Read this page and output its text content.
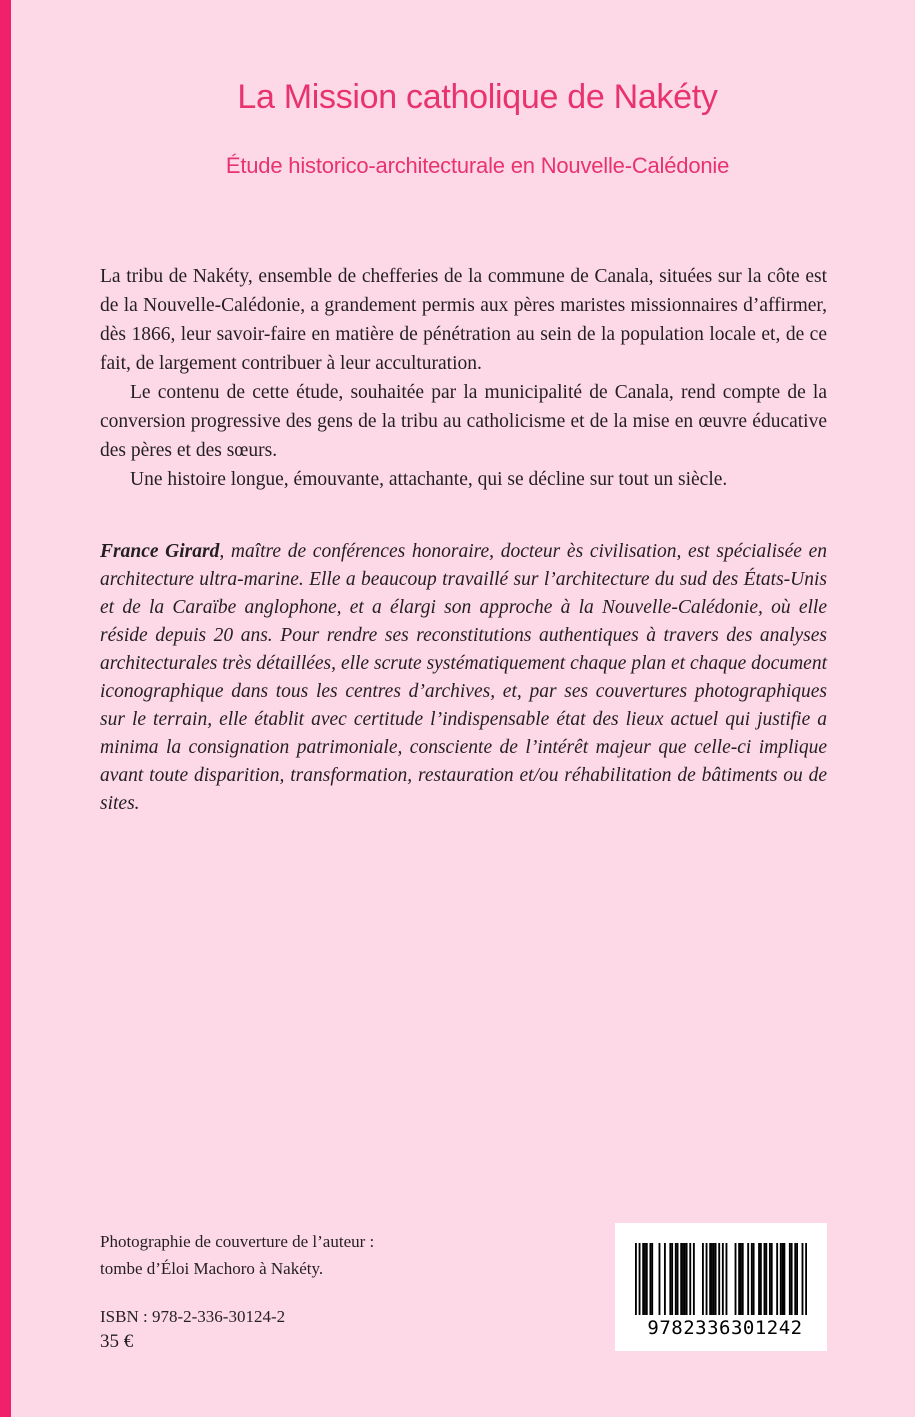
La Mission catholique de Nakéty
Étude historico-architecturale en Nouvelle-Calédonie

La tribu de Nakéty, ensemble de chefferies de la commune de Canala, situées sur la côte est de la Nouvelle-Calédonie, a grandement permis aux pères maristes missionnaires d’affirmer, dès 1866, leur savoir-faire en matière de pénétration au sein de la population locale et, de ce fait, de largement contribuer à leur acculturation.

Le contenu de cette étude, souhaitée par la municipalité de Canala, rend compte de la conversion progressive des gens de la tribu au catholicisme et de la mise en œuvre éducative des pères et des sœurs.

Une histoire longue, émouvante, attachante, qui se décline sur tout un siècle.

France Girard, maître de conférences honoraire, docteur ès civilisation, est spécialisée en architecture ultra-marine. Elle a beaucoup travaillé sur l’architecture du sud des États-Unis et de la Caraïbe anglophone, et a élargi son approche à la Nouvelle-Calédonie, où elle réside depuis 20 ans. Pour rendre ses reconstitutions authentiques à travers des analyses architecturales très détaillées, elle scrute systématiquement chaque plan et chaque document iconographique dans tous les centres d’archives, et, par ses couvertures photographiques sur le terrain, elle établit avec certitude l’indispensable état des lieux actuel qui justifie a minima la consignation patrimoniale, consciente de l’intérêt majeur que celle-ci implique avant toute disparition, transformation, restauration et/ou réhabilitation de bâtiments ou de sites.

Photographie de couverture de l’auteur :
tombe d’Éloi Machoro à Nakéty.
ISBN : 978-2-336-30124-2
35 €
9782336301242
